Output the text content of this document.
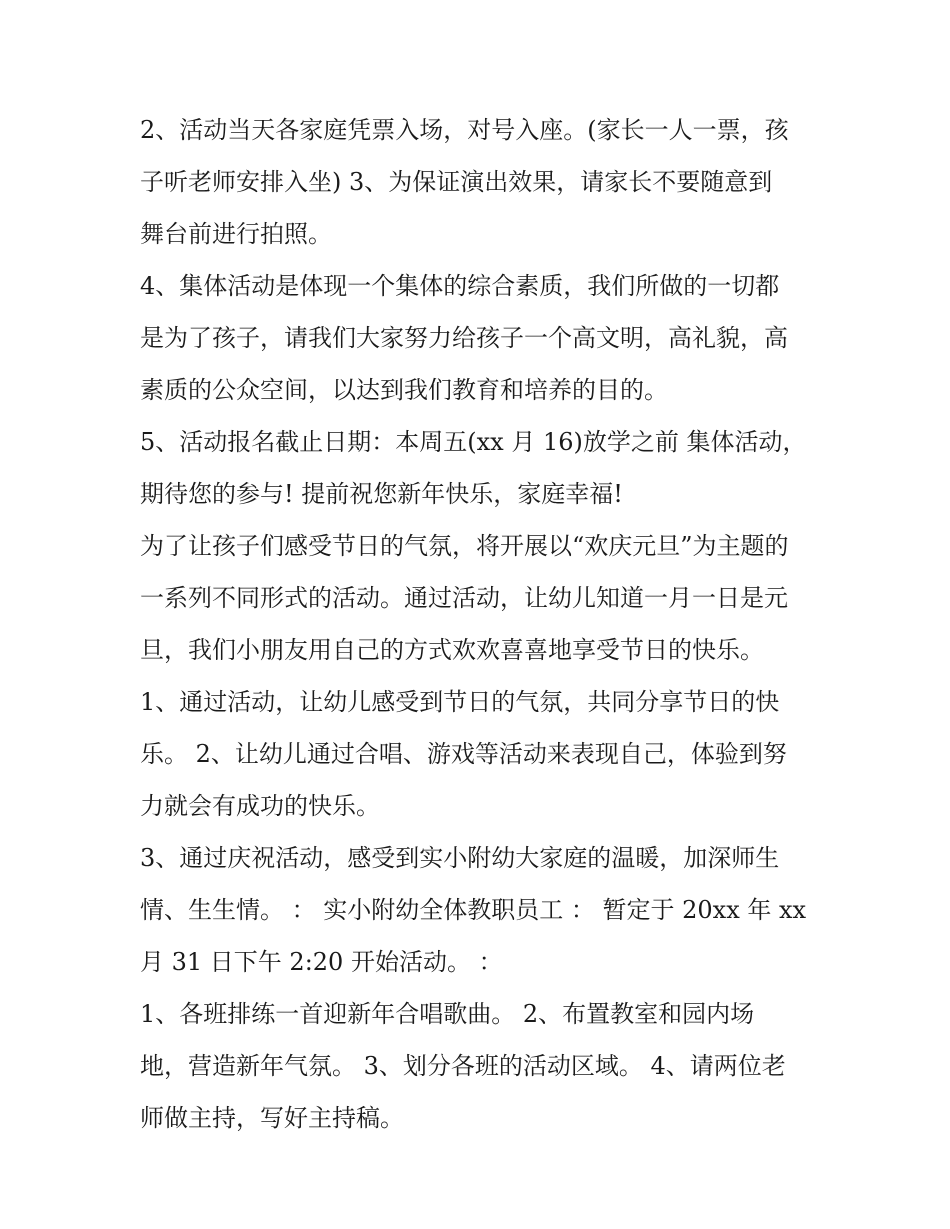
2、活动当天各家庭凭票入场，对号入座。(家长一人一票，孩
子听老师安排入坐) 3、为保证演出效果，请家长不要随意到
舞台前进行拍照。
4、集体活动是体现一个集体的综合素质，我们所做的一切都
是为了孩子，请我们大家努力给孩子一个高文明，高礼貌，高
素质的公众空间，以达到我们教育和培养的目的。
5、活动报名截止日期：本周五(xx 月 16)放学之前 集体活动，
期待您的参与! 提前祝您新年快乐，家庭幸福!
为了让孩子们感受节日的气氛，将开展以“欢庆元旦”为主题的
一系列不同形式的活动。通过活动，让幼儿知道一月一日是元
旦，我们小朋友用自己的方式欢欢喜喜地享受节日的快乐。
1、通过活动，让幼儿感受到节日的气氛，共同分享节日的快
乐。 2、让幼儿通过合唱、游戏等活动来表现自己，体验到努
力就会有成功的快乐。
3、通过庆祝活动，感受到实小附幼大家庭的温暖，加深师生
情、生生情。 ： 实小附幼全体教职员工 ： 暂定于 20xx 年 xx
月 31 日下午 2:20 开始活动。 ：
1、各班排练一首迎新年合唱歌曲。 2、布置教室和园内场
地，营造新年气氛。 3、划分各班的活动区域。 4、请两位老
师做主持，写好主持稿。
